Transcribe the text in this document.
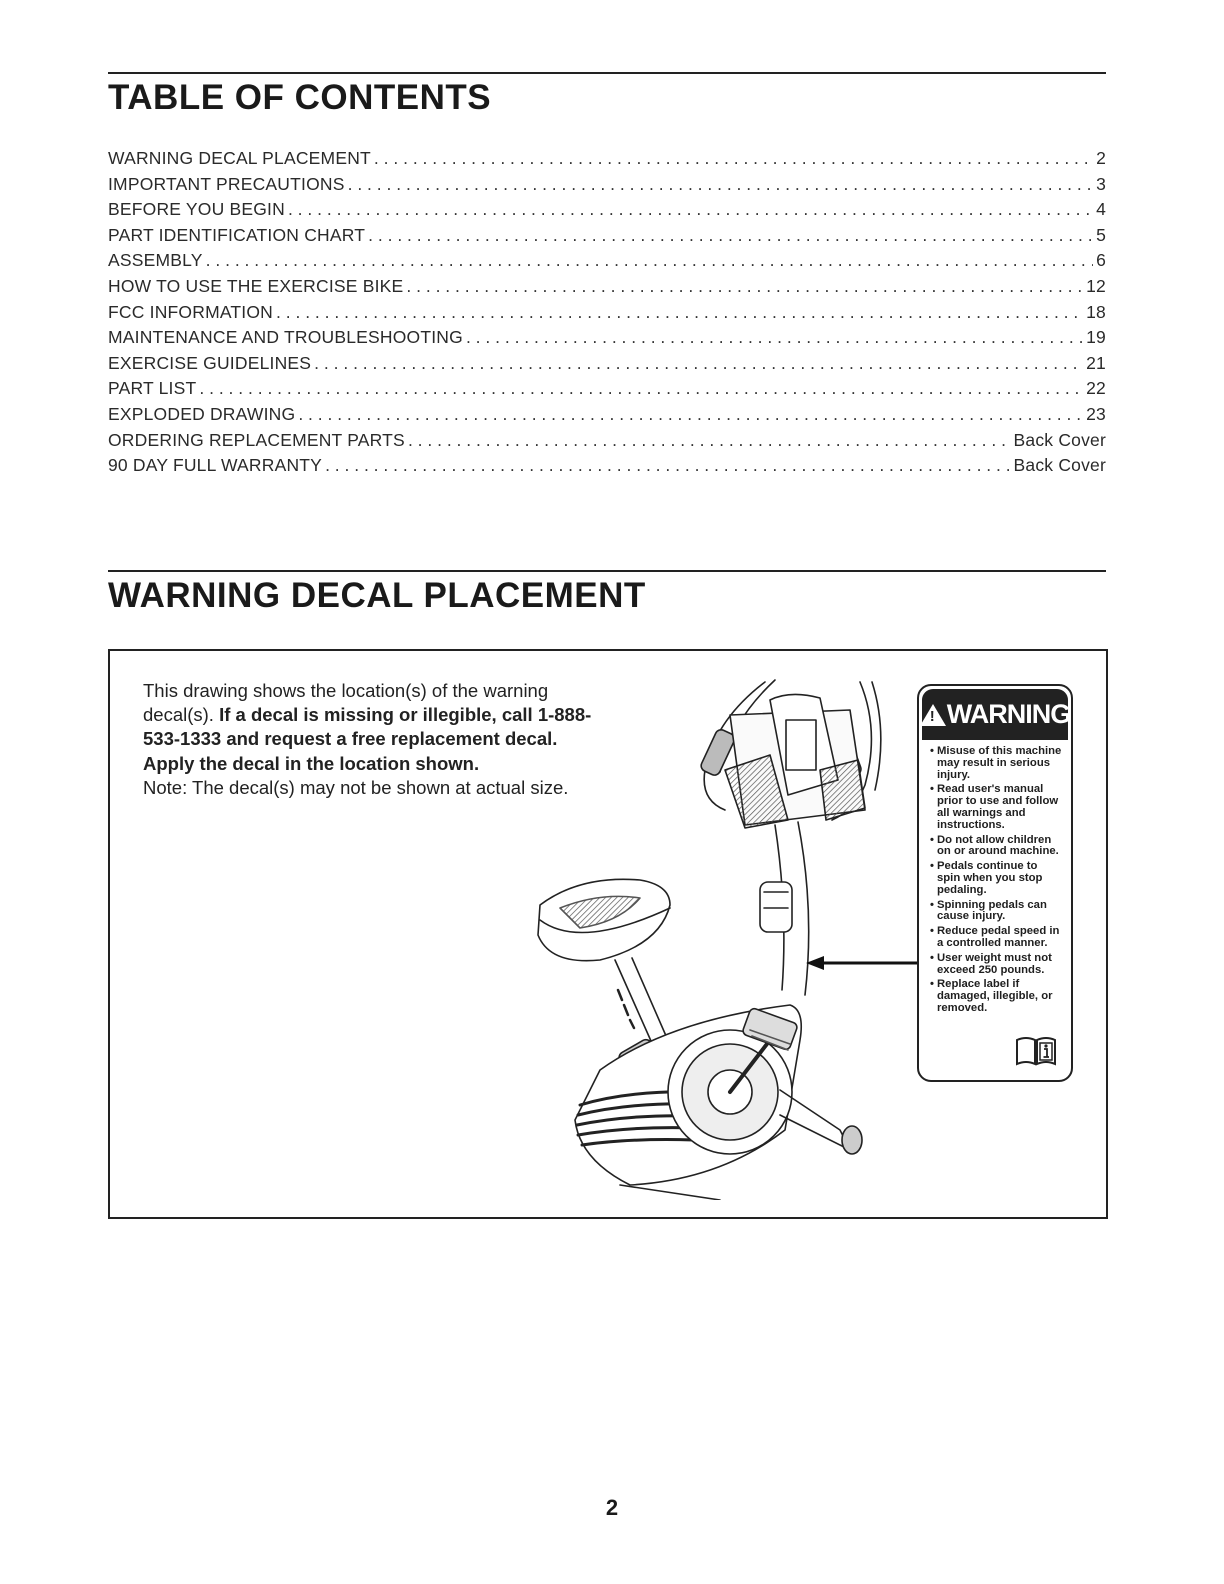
TABLE OF CONTENTS
WARNING DECAL PLACEMENT . . .	2
IMPORTANT PRECAUTIONS . . .	3
BEFORE YOU BEGIN . . .	4
PART IDENTIFICATION CHART . . .	5
ASSEMBLY . . .	6
HOW TO USE THE EXERCISE BIKE . . .	12
FCC INFORMATION . . .	18
MAINTENANCE AND TROUBLESHOOTING . . .	19
EXERCISE GUIDELINES . . .	21
PART LIST . . .	22
EXPLODED DRAWING . . .	23
ORDERING REPLACEMENT PARTS . . .	Back Cover
90 DAY FULL WARRANTY . . .	Back Cover
WARNING DECAL PLACEMENT

This drawing shows the location(s) of the warning decal(s). If a decal is missing or illegible, call 1-888-533-1333 and request a free replacement decal. Apply the decal in the location shown.
Note: The decal(s) may not be shown at actual size.

!
WARNING
• Misuse of this machine may result in serious injury.
• Read user's manual prior to use and follow all warnings and instructions.
• Do not allow children on or around machine.
• Pedals continue to spin when you stop pedaling.
• Spinning pedals can cause injury.
• Reduce pedal speed in a controlled manner.
• User weight must not exceed 250 pounds.
• Replace label if damaged, illegible, or removed.
2
